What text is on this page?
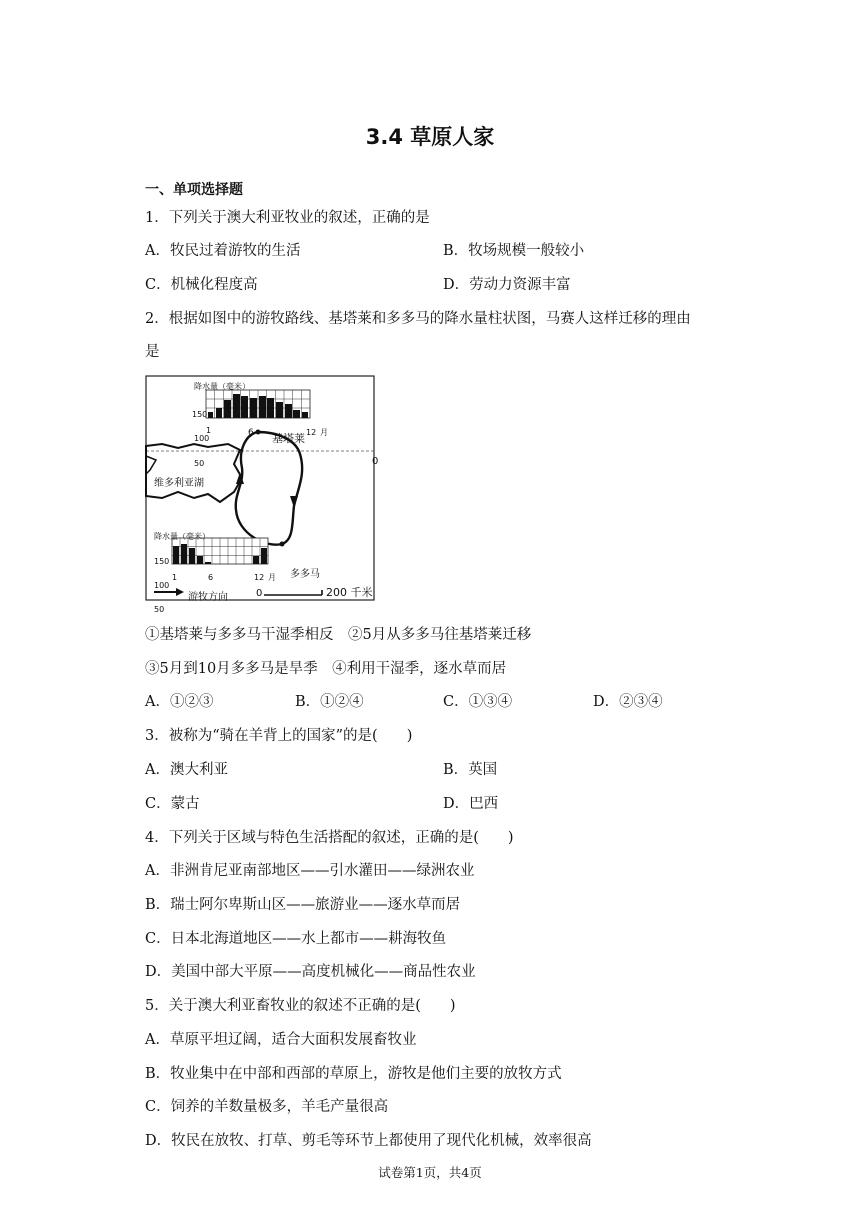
3.4 草原人家
一、单项选择题
1．下列关于澳大利亚牧业的叙述，正确的是
A．牧民过着游牧的生活	B．牧场规模一般较小
C．机械化程度高	D．劳动力资源丰富
2．根据如图中的游牧路线、基塔莱和多多马的降水量柱状图，马赛人这样迁移的理由
是
降水量（毫米）
150
100
50
1	6	12 月
基塔莱
多多马
维多利亚湖
0
降水量（毫米）
150
100
50
1	6	12 月
0	200 千米
游牧方向
①基塔莱与多多马干湿季相反　②5月从多多马往基塔莱迁移
③5月到10月多多马是旱季　④利用干湿季，逐水草而居
A．①②③	B．①②④	C．①③④	D．②③④
3．被称为“骑在羊背上的国家”的是(　　)
A．澳大利亚	B．英国
C．蒙古	D．巴西
4．下列关于区域与特色生活搭配的叙述，正确的是(　　)
A．非洲肯尼亚南部地区——引水灌田——绿洲农业
B．瑞士阿尔卑斯山区——旅游业——逐水草而居
C．日本北海道地区——水上都市——耕海牧鱼
D．美国中部大平原——高度机械化——商品性农业
5．关于澳大利亚畜牧业的叙述不正确的是(　　)
A．草原平坦辽阔，适合大面积发展畜牧业
B．牧业集中在中部和西部的草原上，游牧是他们主要的放牧方式
C．饲养的羊数量极多，羊毛产量很高
D．牧民在放牧、打草、剪毛等环节上都使用了现代化机械，效率很高
试卷第1页，共4页
